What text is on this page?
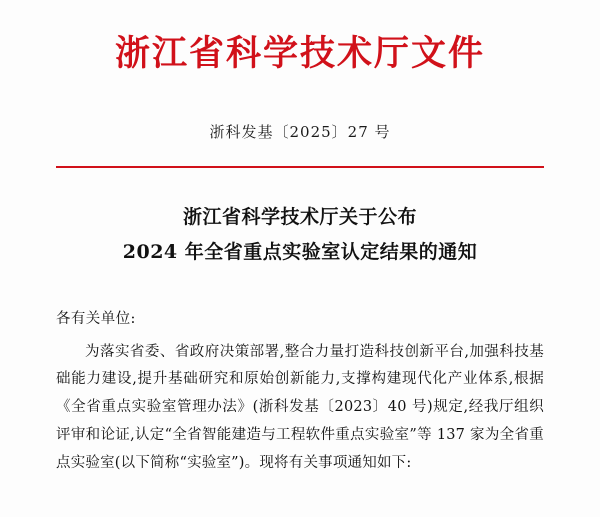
浙江省科学技术厅文件
浙科发基〔2025〕27 号
浙江省科学技术厅关于公布
2024 年全省重点实验室认定结果的通知
各有关单位:
为落实省委、省政府决策部署,整合力量打造科技创新平台,加强科技基础能力建设,提升基础研究和原始创新能力,支撑构建现代化产业体系,根据《全省重点实验室管理办法》(浙科发基〔2023〕40 号)规定,经我厅组织评审和论证,认定“全省智能建造与工程软件重点实验室”等 137 家为全省重点实验室(以下简称“实验室”)。现将有关事项通知如下:
